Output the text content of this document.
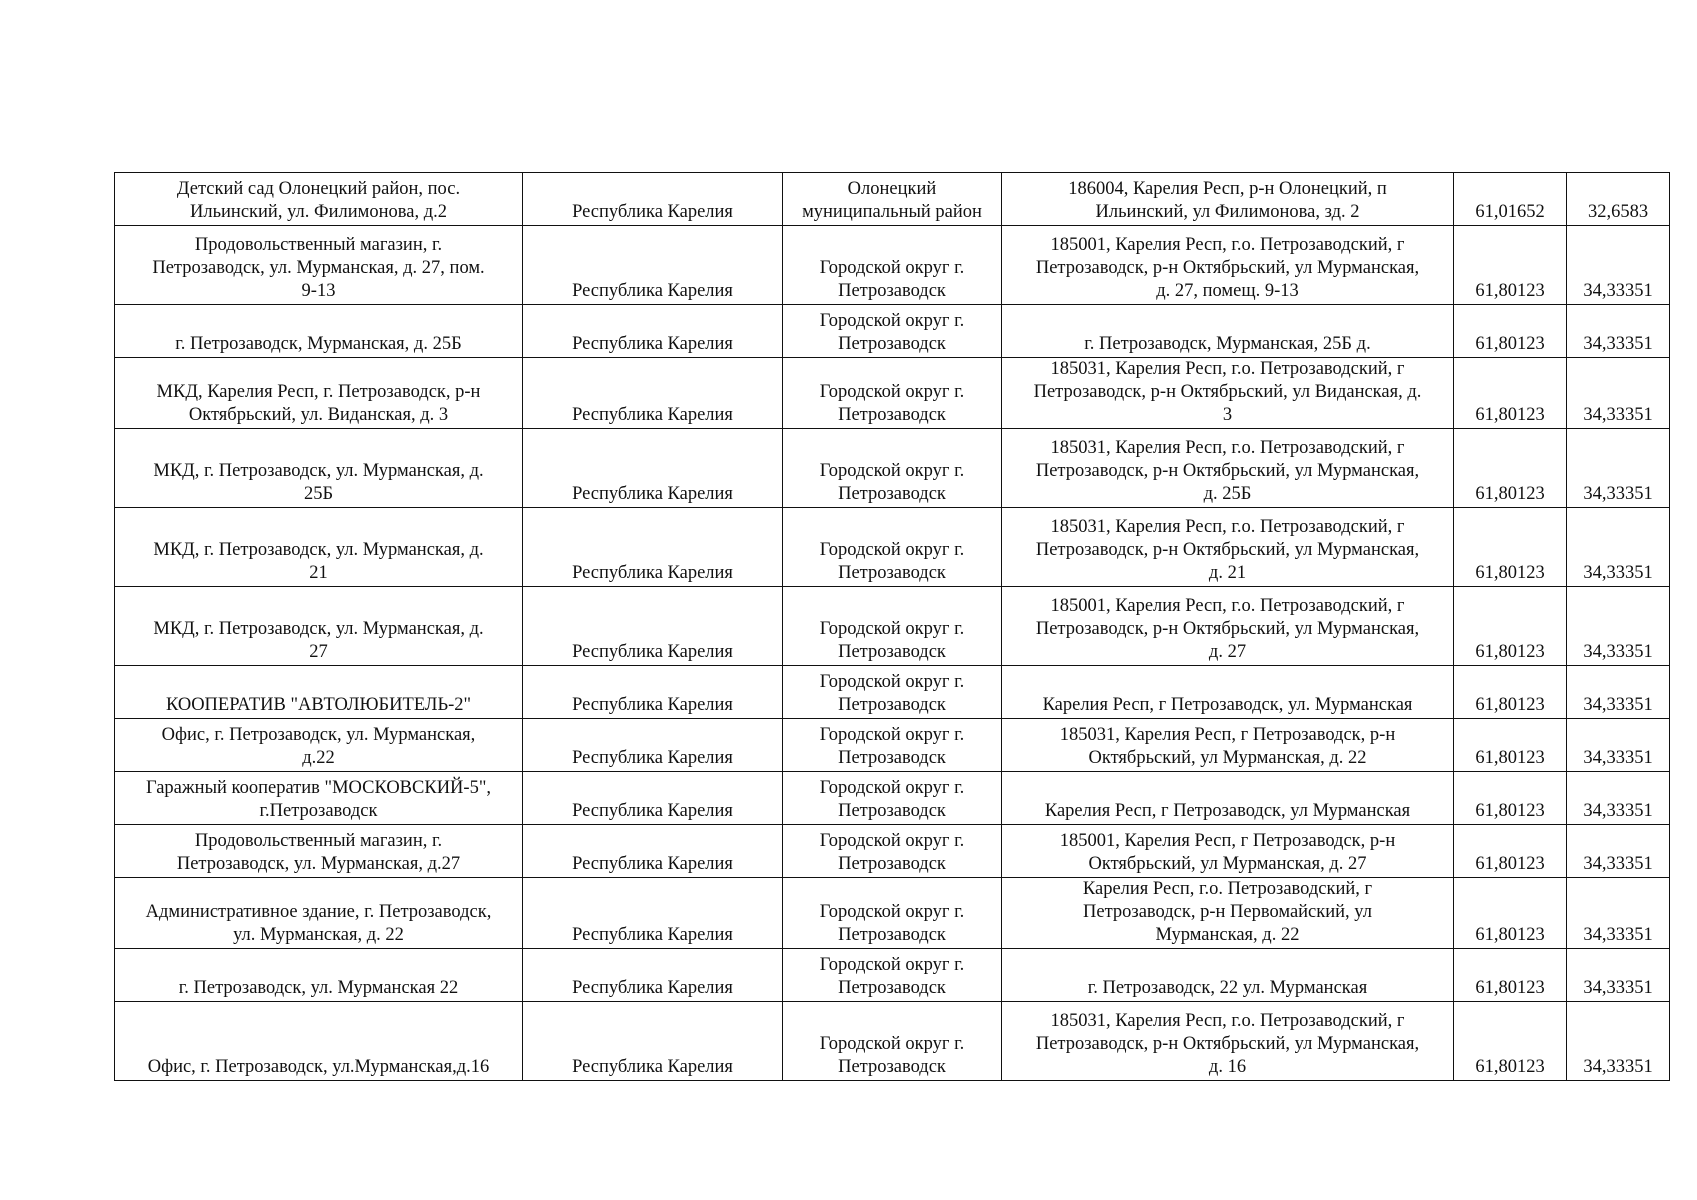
Детский сад Олонецкий район, пос.
Ильинский, ул. Филимонова, д.2	Республика Карелия	Олонецкий
муниципальный район	186004, Карелия Респ, р-н Олонецкий, п
Ильинский, ул Филимонова, зд. 2	61,01652	32,6583
Продовольственный магазин, г.
Петрозаводск, ул. Мурманская, д. 27, пом.
9-13	Республика Карелия	Городской округ г.
Петрозаводск	185001, Карелия Респ, г.о. Петрозаводский, г
Петрозаводск, р-н Октябрьский, ул Мурманская,
д. 27, помещ. 9-13	61,80123	34,33351
г. Петрозаводск, Мурманская, д. 25Б	Республика Карелия	Городской округ г.
Петрозаводск	г. Петрозаводск, Мурманская, 25Б д.	61,80123	34,33351
МКД, Карелия Респ, г. Петрозаводск, р-н
Октябрьский, ул. Виданская, д. 3	Республика Карелия	Городской округ г.
Петрозаводск	185031, Карелия Респ, г.о. Петрозаводский, г
Петрозаводск, р-н Октябрьский, ул Виданская, д.
3	61,80123	34,33351
МКД, г. Петрозаводск, ул. Мурманская, д.
25Б	Республика Карелия	Городской округ г.
Петрозаводск	185031, Карелия Респ, г.о. Петрозаводский, г
Петрозаводск, р-н Октябрьский, ул Мурманская,
д. 25Б	61,80123	34,33351
МКД, г. Петрозаводск, ул. Мурманская, д.
21	Республика Карелия	Городской округ г.
Петрозаводск	185031, Карелия Респ, г.о. Петрозаводский, г
Петрозаводск, р-н Октябрьский, ул Мурманская,
д. 21	61,80123	34,33351
МКД, г. Петрозаводск, ул. Мурманская, д.
27	Республика Карелия	Городской округ г.
Петрозаводск	185001, Карелия Респ, г.о. Петрозаводский, г
Петрозаводск, р-н Октябрьский, ул Мурманская,
д. 27	61,80123	34,33351
КООПЕРАТИВ "АВТОЛЮБИТЕЛЬ-2"	Республика Карелия	Городской округ г.
Петрозаводск	Карелия Респ, г Петрозаводск, ул. Мурманская	61,80123	34,33351
Офис, г. Петрозаводск, ул. Мурманская,
д.22	Республика Карелия	Городской округ г.
Петрозаводск	185031, Карелия Респ, г Петрозаводск, р-н
Октябрьский, ул Мурманская, д. 22	61,80123	34,33351
Гаражный кооператив "МОСКОВСКИЙ-5",
г.Петрозаводск	Республика Карелия	Городской округ г.
Петрозаводск	Карелия Респ, г Петрозаводск, ул Мурманская	61,80123	34,33351
Продовольственный магазин, г.
Петрозаводск, ул. Мурманская, д.27	Республика Карелия	Городской округ г.
Петрозаводск	185001, Карелия Респ, г Петрозаводск, р-н
Октябрьский, ул Мурманская, д. 27	61,80123	34,33351
Административное здание, г. Петрозаводск,
ул. Мурманская, д. 22	Республика Карелия	Городской округ г.
Петрозаводск	Карелия Респ, г.о. Петрозаводский, г
Петрозаводск, р-н Первомайский, ул
Мурманская, д. 22	61,80123	34,33351
г. Петрозаводск, ул. Мурманская 22	Республика Карелия	Городской округ г.
Петрозаводск	г. Петрозаводск, 22 ул. Мурманская	61,80123	34,33351
Офис, г. Петрозаводск, ул.Мурманская,д.16	Республика Карелия	Городской округ г.
Петрозаводск	185031, Карелия Респ, г.о. Петрозаводский, г
Петрозаводск, р-н Октябрьский, ул Мурманская,
д. 16	61,80123	34,33351
